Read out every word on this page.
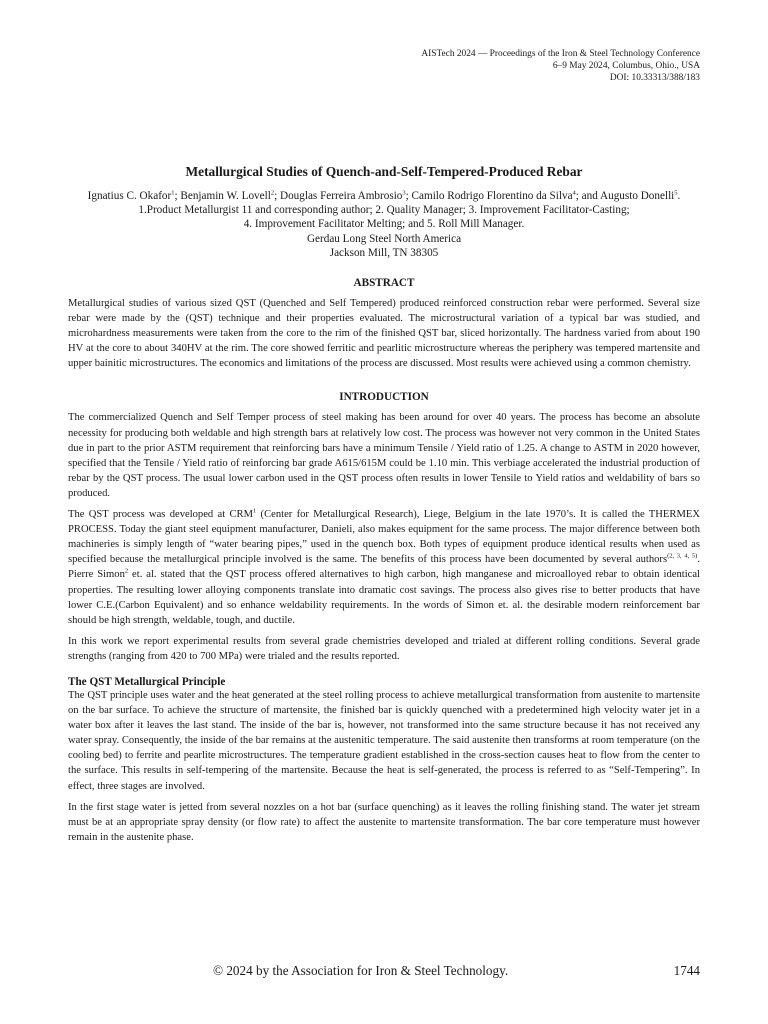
AISTech 2024 — Proceedings of the Iron & Steel Technology Conference
6–9 May 2024, Columbus, Ohio., USA
DOI: 10.33313/388/183
Metallurgical Studies of Quench-and-Self-Tempered-Produced Rebar

Ignatius C. Okafor$^1$; Benjamin W. Lovell$^2$; Douglas Ferreira Ambrosio$^3$; Camilo Rodrigo Florentino da Silva$^4$; and Augusto Donelli$^5$.

1.Product Metallurgist 11 and corresponding author; 2. Quality Manager; 3. Improvement Facilitator-Casting;
4. Improvement Facilitator Melting; and 5. Roll Mill Manager.
Gerdau Long Steel North America
Jackson Mill, TN 38305
ABSTRACT

Metallurgical studies of various sized QST (Quenched and Self Tempered) produced reinforced construction rebar were performed. Several size rebar were made by the (QST) technique and their properties evaluated. The microstructural variation of a typical bar was studied, and microhardness measurements were taken from the core to the rim of the finished QST bar, sliced horizontally. The hardness varied from about 190 HV at the core to about 340HV at the rim. The core showed ferritic and pearlitic microstructure whereas the periphery was tempered martensite and upper bainitic microstructures. The economics and limitations of the process are discussed. Most results were achieved using a common chemistry.

INTRODUCTION

The commercialized Quench and Self Temper process of steel making has been around for over 40 years. The process has become an absolute necessity for producing both weldable and high strength bars at relatively low cost. The process was however not very common in the United States due in part to the prior ASTM requirement that reinforcing bars have a minimum Tensile / Yield ratio of 1.25. A change to ASTM in 2020 however, specified that the Tensile / Yield ratio of reinforcing bar grade A615/615M could be 1.10 min. This verbiage accelerated the industrial production of rebar by the QST process. The usual lower carbon used in the QST process often results in lower Tensile to Yield ratios and weldability of bars so produced.

The QST process was developed at CRM$^1$ (Center for Metallurgical Research), Liege, Belgium in the late 1970’s. It is called the THERMEX PROCESS. Today the giant steel equipment manufacturer, Danieli, also makes equipment for the same process. The major difference between both machineries is simply length of “water bearing pipes,” used in the quench box. Both types of equipment produce identical results when used as specified because the metallurgical principle involved is the same. The benefits of this process have been documented by several authors$^{(2, 3, 4, 5)}$. Pierre Simon$^2$ et. al. stated that the QST process offered alternatives to high carbon, high manganese and microalloyed rebar to obtain identical properties. The resulting lower alloying components translate into dramatic cost savings. The process also gives rise to better products that have lower C.E.(Carbon Equivalent) and so enhance weldability requirements. In the words of Simon et. al. the desirable modern reinforcement bar should be high strength, weldable, tough, and ductile.

In this work we report experimental results from several grade chemistries developed and trialed at different rolling conditions. Several grade strengths (ranging from 420 to 700 MPa) were trialed and the results reported.

The QST Metallurgical Principle

The QST principle uses water and the heat generated at the steel rolling process to achieve metallurgical transformation from austenite to martensite on the bar surface. To achieve the structure of martensite, the finished bar is quickly quenched with a predetermined high velocity water jet in a water box after it leaves the last stand. The inside of the bar is, however, not transformed into the same structure because it has not received any water spray. Consequently, the inside of the bar remains at the austenitic temperature. The said austenite then transforms at room temperature (on the cooling bed) to ferrite and pearlite microstructures. The temperature gradient established in the cross-section causes heat to flow from the center to the surface. This results in self-tempering of the martensite. Because the heat is self-generated, the process is referred to as “Self-Tempering”. In effect, three stages are involved.

In the first stage water is jetted from several nozzles on a hot bar (surface quenching) as it leaves the rolling finishing stand. The water jet stream must be at an appropriate spray density (or flow rate) to affect the austenite to martensite transformation. The bar core temperature must however remain in the austenite phase.

© 2024 by the Association for Iron & Steel Technology.	1744
